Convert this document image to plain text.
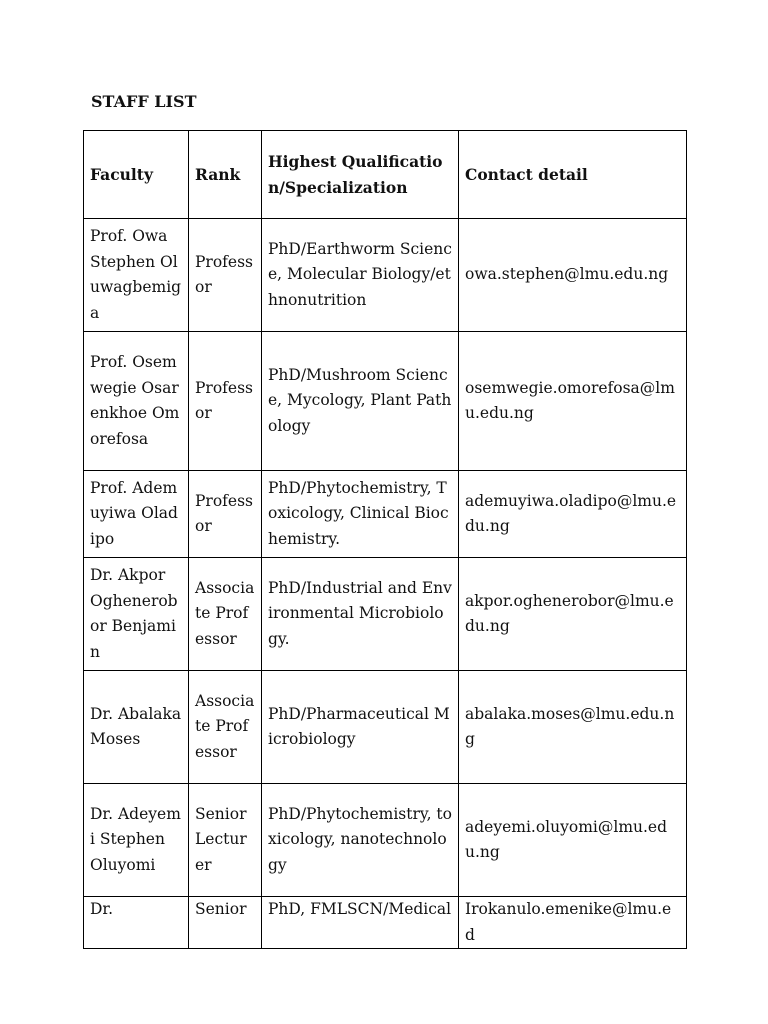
STAFF LIST
Faculty	Rank	Highest Qualification/Specialization	Contact detail
Prof. Owa Stephen Oluwagbemiga	Professor	PhD/Earthworm Science, Molecular Biology/ethnonutrition	owa.stephen@lmu.edu.ng
Prof. Osemwegie Osarenkhoe Omorefosa	Professor	PhD/Mushroom Science, Mycology, Plant Pathology	osemwegie.omorefosa@lmu.edu.ng
Prof. Ademuyiwa Oladipo	Professor	PhD/Phytochemistry, Toxicology, Clinical Biochemistry.	ademuyiwa.oladipo@lmu.edu.ng
Dr. Akpor Oghenerobor Benjamin	Associate Professor	PhD/Industrial and Environmental Microbiology.	akpor.oghenerobor@lmu.edu.ng
Dr. Abalaka Moses	Associate Professor	PhD/Pharmaceutical Microbiology	abalaka.moses@lmu.edu.ng
Dr. Adeyemi Stephen Oluyomi	Senior Lecturer	PhD/Phytochemistry, toxicology, nanotechnology	adeyemi.oluyomi@lmu.edu.ng
Dr.	Senior	PhD, FMLSCN/Medical	Irokanulo.emenike@lmu.ed
